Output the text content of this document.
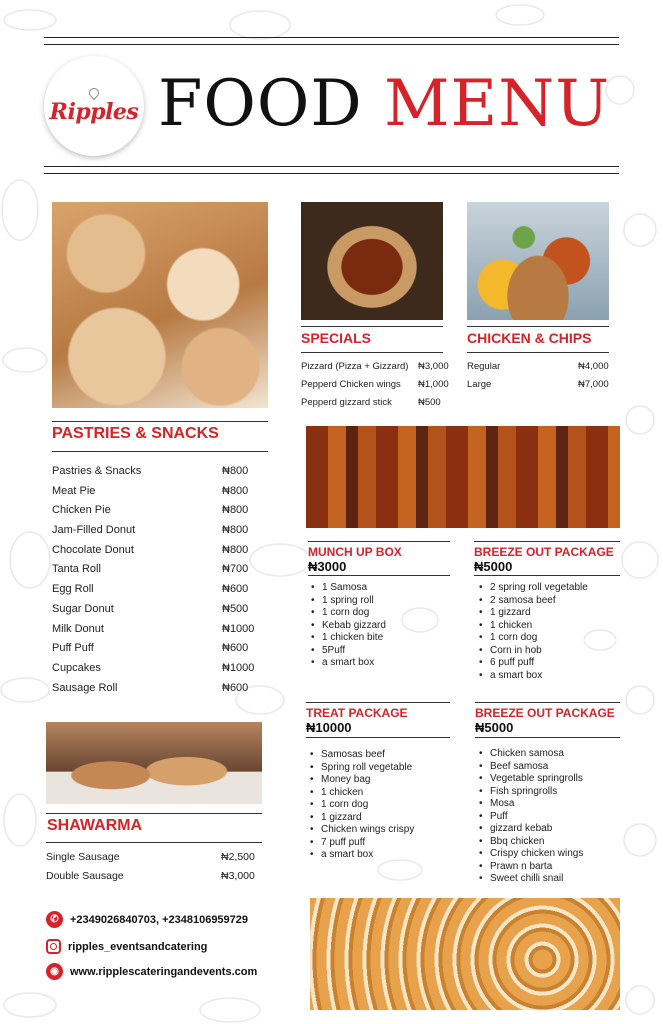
Ripples FOOD MENU
PASTRIES & SNACKS
Pastries & Snacks	₦800
Meat Pie	₦800
Chicken Pie	₦800
Jam-Filled Donut	₦800
Chocolate Donut	₦800
Tanta Roll	₦700
Egg Roll	₦600
Sugar Donut	₦500
Milk Donut	₦1000
Puff Puff	₦600
Cupcakes	₦1000
Sausage Roll	₦600
SPECIALS
Pizzard (Pizza + Gizzard) ₦3,000
Pepperd Chicken wings ₦1,000
Pepperd gizzard stick	₦500
CHICKEN & CHIPS
Regular	₦4,000
Large	₦7,000
SHAWARMA
Single Sausage	₦2,500
Double Sausage	₦3,000
MUNCH UP BOX
₦3000
• 1 Samosa
• 1 spring roll
• 1 corn dog
• Kebab gizzard
• 1 chicken bite
• 5Puff
• a smart box
BREEZE OUT PACKAGE
₦5000
• 2 spring roll vegetable
• 2 samosa beef
• 1 gizzard
• 1 chicken
• 1 corn dog
• Corn in hob
• 6 puff puff
• a smart box
TREAT PACKAGE
₦10000
• Samosas beef
• Spring roll vegetable
• Money bag
• 1 chicken
• 1 corn dog
• 1 gizzard
• Chicken wings crispy
• 7 puff puff
• a smart box
BREEZE OUT PACKAGE
₦5000
• Chicken samosa
• Beef samosa
• Vegetable springrolls
• Fish springrolls
• Mosa
• Puff
• gizzard kebab
• Bbq chicken
• Crispy chicken wings
• Prawn n barta
• Sweet chilli snail
✆	+2349026840703, +2348106959729
ripples_eventsandcatering
◉	www.ripplescateringandevents.com
